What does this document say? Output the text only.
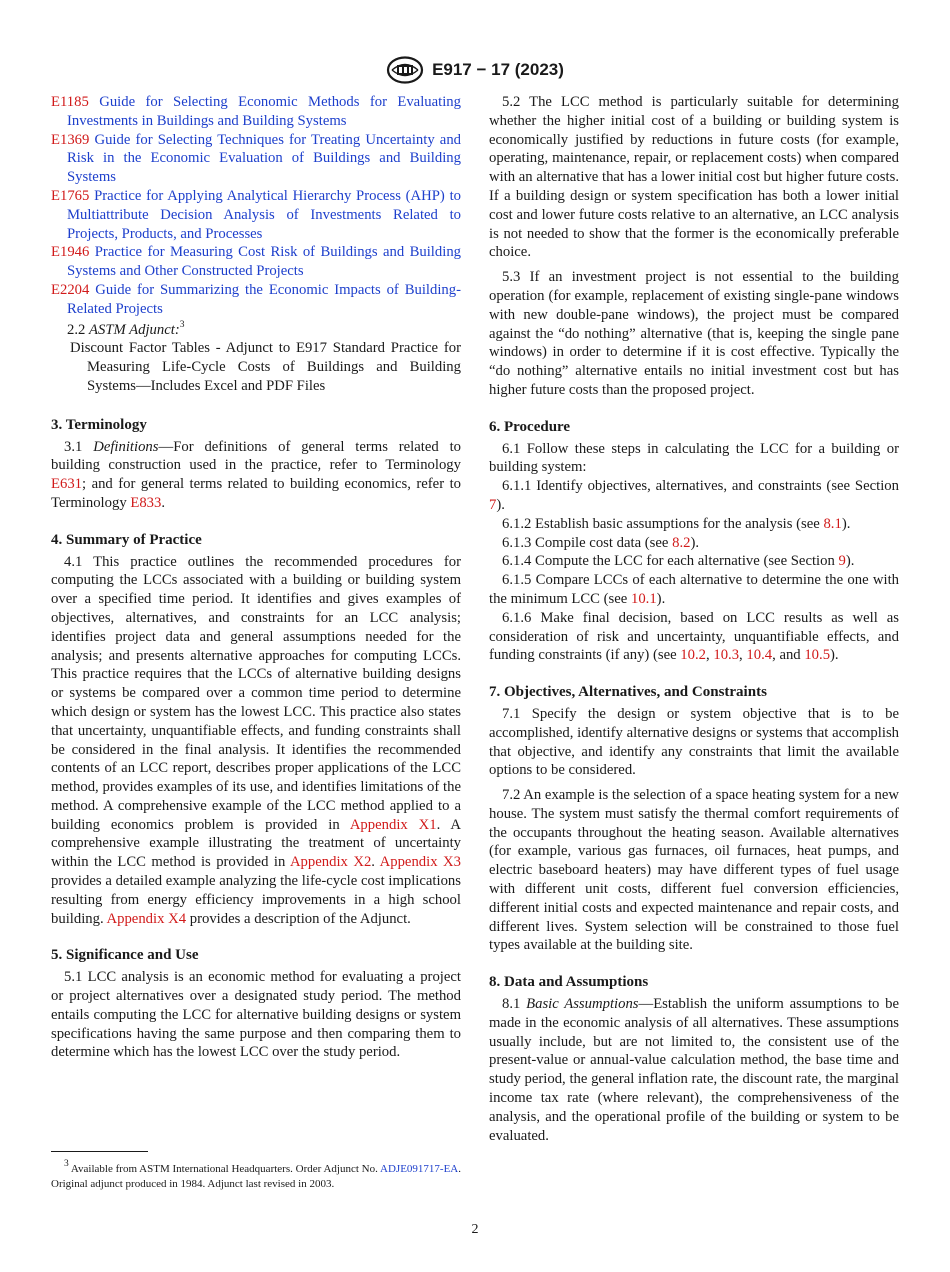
E917 − 17 (2023)
E1185 Guide for Selecting Economic Methods for Evaluating Investments in Buildings and Building Systems
E1369 Guide for Selecting Techniques for Treating Uncertainty and Risk in the Economic Evaluation of Buildings and Building Systems
E1765 Practice for Applying Analytical Hierarchy Process (AHP) to Multiattribute Decision Analysis of Investments Related to Projects, Products, and Processes
E1946 Practice for Measuring Cost Risk of Buildings and Building Systems and Other Constructed Projects
E2204 Guide for Summarizing the Economic Impacts of Building-Related Projects
2.2 ASTM Adjunct:$^3$
Discount Factor Tables - Adjunct to E917 Standard Practice for Measuring Life-Cycle Costs of Buildings and Building Systems—Includes Excel and PDF Files
3. Terminology

3.1 Definitions—For definitions of general terms related to building construction used in the practice, refer to Terminology E631; and for general terms related to building economics, refer to Terminology E833.

4. Summary of Practice

4.1 This practice outlines the recommended procedures for computing the LCCs associated with a building or building system over a specified time period. It identifies and gives examples of objectives, alternatives, and constraints for an LCC analysis; identifies project data and general assumptions needed for the analysis; and presents alternative approaches for computing LCCs. This practice requires that the LCCs of alternative building designs or systems be compared over a common time period to determine which design or system has the lowest LCC. This practice also states that uncertainty, unquantifiable effects, and funding constraints shall be considered in the final analysis. It identifies the recommended contents of an LCC report, describes proper applications of the LCC method, provides examples of its use, and identifies limitations of the method. A comprehensive example of the LCC method applied to a building economics problem is provided in Appendix X1. A comprehensive example illustrating the treatment of uncertainty within the LCC method is provided in Appendix X2. Appendix X3 provides a detailed example analyzing the life-cycle cost implications resulting from energy efficiency improvements in a high school building. Appendix X4 provides a description of the Adjunct.

5. Significance and Use

5.1 LCC analysis is an economic method for evaluating a project or project alternatives over a designated study period. The method entails computing the LCC for alternative building designs or system specifications having the same purpose and then comparing them to determine which has the lowest LCC over the study period.

5.2 The LCC method is particularly suitable for determining whether the higher initial cost of a building or building system is economically justified by reductions in future costs (for example, operating, maintenance, repair, or replacement costs) when compared with an alternative that has a lower initial cost but higher future costs. If a building design or system specification has both a lower initial cost and lower future costs relative to an alternative, an LCC analysis is not needed to show that the former is the economically preferable choice.

5.3 If an investment project is not essential to the building operation (for example, replacement of existing single-pane windows with new double-pane windows), the project must be compared against the “do nothing” alternative (that is, keeping the single pane windows) in order to determine if it is cost effective. Typically the “do nothing” alternative entails no initial investment cost but has higher future costs than the proposed project.

6. Procedure

6.1 Follow these steps in calculating the LCC for a building or building system:

6.1.1 Identify objectives, alternatives, and constraints (see Section 7).

6.1.2 Establish basic assumptions for the analysis (see 8.1).

6.1.3 Compile cost data (see 8.2).

6.1.4 Compute the LCC for each alternative (see Section 9).

6.1.5 Compare LCCs of each alternative to determine the one with the minimum LCC (see 10.1).

6.1.6 Make final decision, based on LCC results as well as consideration of risk and uncertainty, unquantifiable effects, and funding constraints (if any) (see 10.2, 10.3, 10.4, and 10.5).

7. Objectives, Alternatives, and Constraints

7.1 Specify the design or system objective that is to be accomplished, identify alternative designs or systems that accomplish that objective, and identify any constraints that limit the available options to be considered.

7.2 An example is the selection of a space heating system for a new house. The system must satisfy the thermal comfort requirements of the occupants throughout the heating season. Available alternatives (for example, various gas furnaces, oil furnaces, heat pumps, and electric baseboard heaters) may have different types of fuel usage with different unit costs, different fuel conversion efficiencies, different initial costs and expected maintenance and repair costs, and different lives. System selection will be constrained to those fuel types available at the building site.

8. Data and Assumptions

8.1 Basic Assumptions—Establish the uniform assumptions to be made in the economic analysis of all alternatives. These assumptions usually include, but are not limited to, the consistent use of the present-value or annual-value calculation method, the base time and study period, the general inflation rate, the discount rate, the marginal income tax rate (where relevant), the comprehensiveness of the analysis, and the operational profile of the building or system to be evaluated.

$^3$ Available from ASTM International Headquarters. Order Adjunct No. ADJE091717-EA. Original adjunct produced in 1984. Adjunct last revised in 2003.
2
